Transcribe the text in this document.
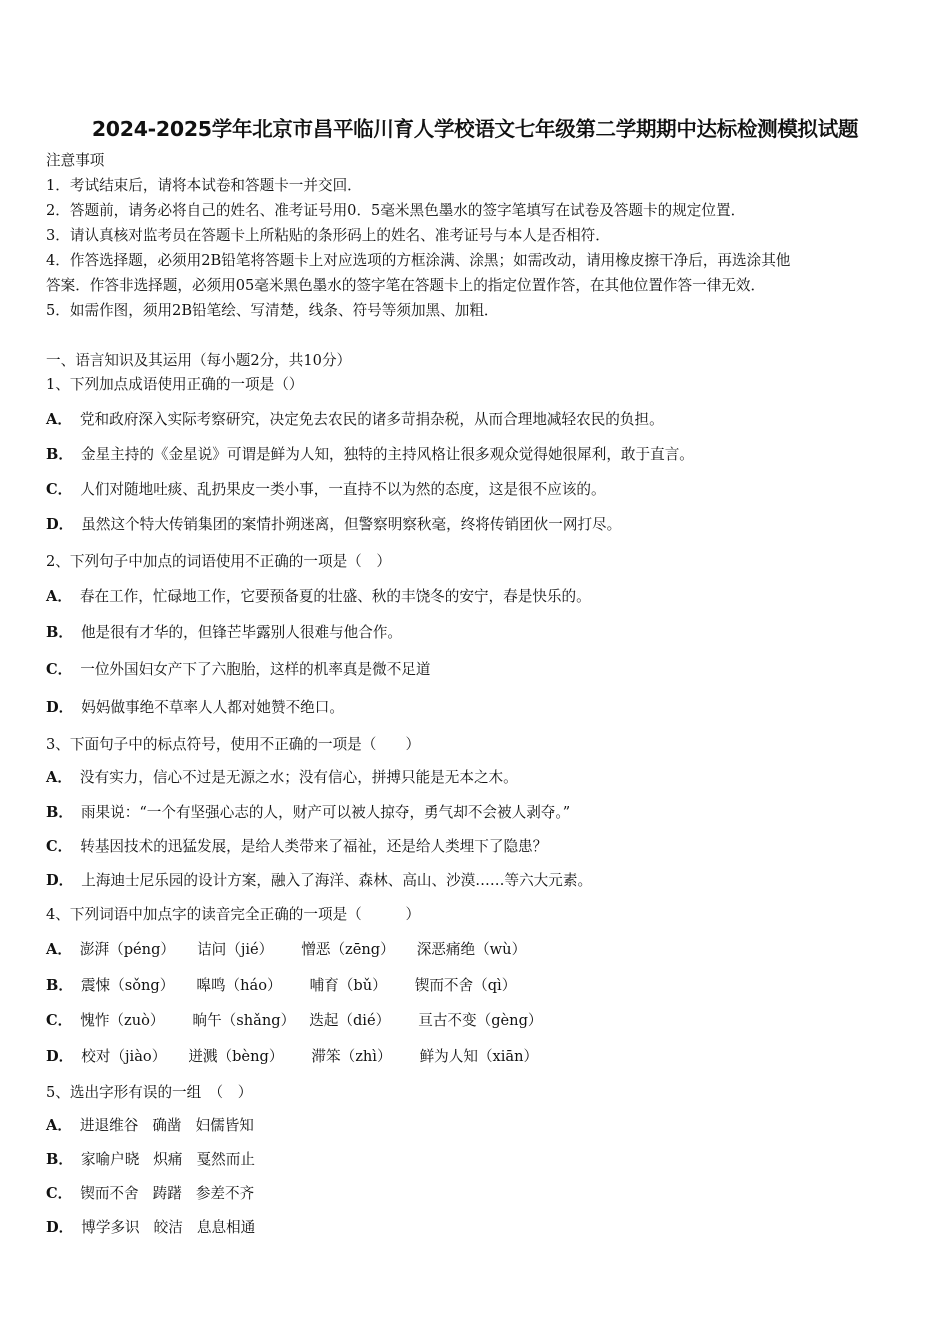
2024-2025学年北京市昌平临川育人学校语文七年级第二学期期中达标检测模拟试题
注意事项
1．考试结束后，请将本试卷和答题卡一并交回．
2．答题前，请务必将自己的姓名、准考证号用0．5毫米黑色墨水的签字笔填写在试卷及答题卡的规定位置．
3．请认真核对监考员在答题卡上所粘贴的条形码上的姓名、准考证号与本人是否相符．
4．作答选择题，必须用2B铅笔将答题卡上对应选项的方框涂满、涂黑；如需改动，请用橡皮擦干净后，再选涂其他
答案．作答非选择题，必须用05毫米黑色墨水的签字笔在答题卡上的指定位置作答，在其他位置作答一律无效．
5．如需作图，须用2B铅笔绘、写清楚，线条、符号等须加黑、加粗．
一、语言知识及其运用（每小题2分，共10分）
1、下列加点成语使用正确的一项是（）
A． 党和政府深入实际考察研究，决定免去农民的诸多苛捐杂税，从而合理地减轻农民的负担。
B． 金星主持的《金星说》可谓是鲜为人知，独特的主持风格让很多观众觉得她很犀利，敢于直言。
C． 人们对随地吐痰、乱扔果皮一类小事，一直持不以为然的态度，这是很不应该的。
D． 虽然这个特大传销集团的案情扑朔迷离，但警察明察秋毫，终将传销团伙一网打尽。
2、下列句子中加点的词语使用不正确的一项是（　）
A． 春在工作，忙碌地工作，它要预备夏的壮盛、秋的丰饶冬的安宁，春是快乐的。
B． 他是很有才华的，但锋芒毕露别人很难与他合作。
C． 一位外国妇女产下了六胞胎，这样的机率真是微不足道
D． 妈妈做事绝不草率人人都对她赞不绝口。
3、下面句子中的标点符号，使用不正确的一项是（　　）
A． 没有实力，信心不过是无源之水；没有信心，拼搏只能是无本之木。
B． 雨果说：“一个有坚强心志的人，财产可以被人掠夺，勇气却不会被人剥夺。”
C． 转基因技术的迅猛发展，是给人类带来了福祉，还是给人类埋下了隐患？
D． 上海迪士尼乐园的设计方案，融入了海洋、森林、高山、沙漠……等六大元素。
4、下列词语中加点字的读音完全正确的一项是（　　　）
A． 澎湃（péng） 诘问（jié） 憎恶（zēng） 深恶痛绝（wù）
B． 震悚（sǒng） 嗥鸣（háo） 哺育（bǔ） 锲而不舍（qì）
C． 愧怍（zuò） 晌午（shǎng） 迭起（dié） 亘古不变（gèng）
D． 校对（jiào） 迸溅（bèng） 滞笨（zhì） 鲜为人知（xiān）
5、选出字形有误的一组　（　）
A． 进退维谷 确凿 妇儒皆知
B． 家喻户晓 炽痛 戛然而止
C． 锲而不舍 踌躇 参差不齐
D． 博学多识 皎洁 息息相通
